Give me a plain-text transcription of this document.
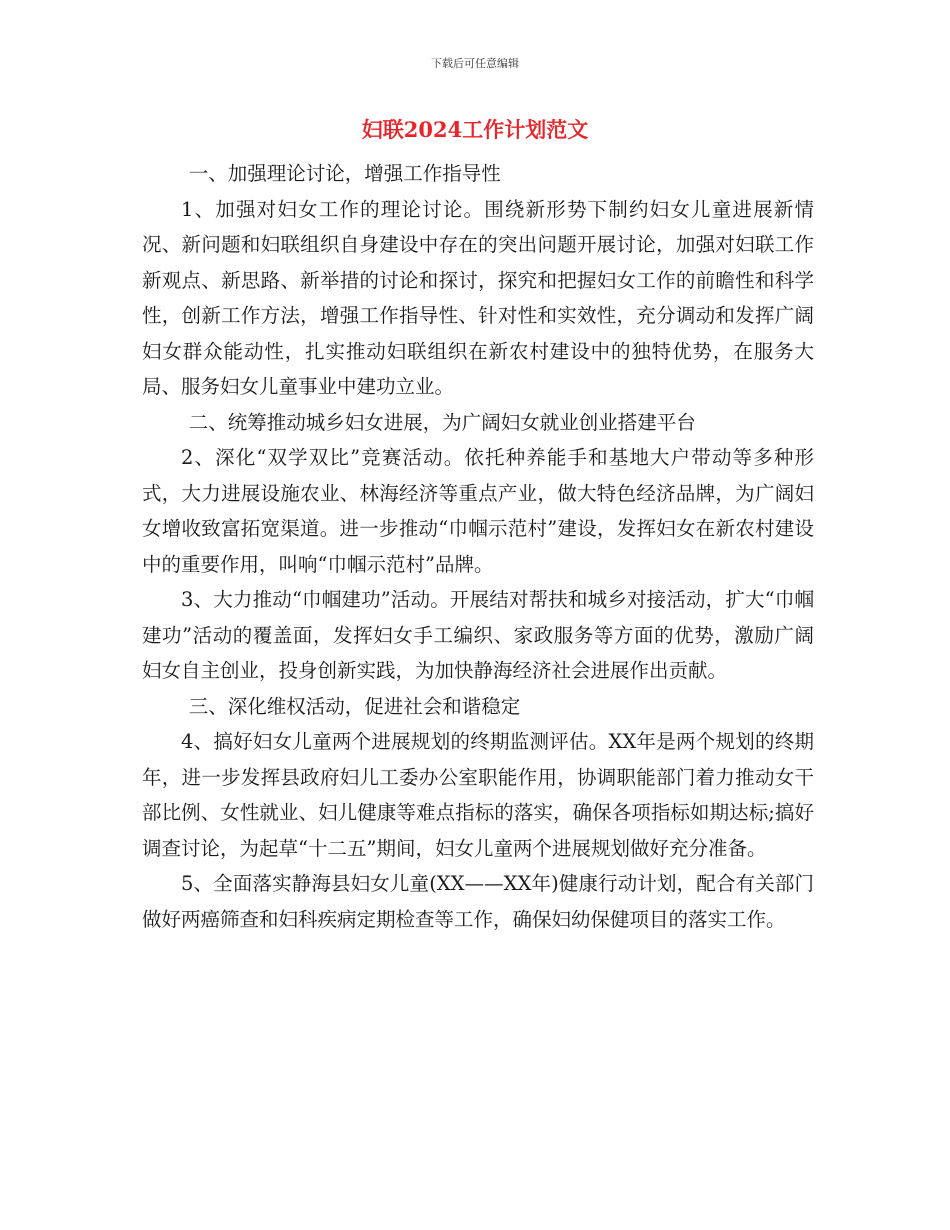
下载后可任意编辑
妇联2024工作计划范文

一、加强理论讨论，增强工作指导性

1、加强对妇女工作的理论讨论。围绕新形势下制约妇女儿童进展新情况、新问题和妇联组织自身建设中存在的突出问题开展讨论，加强对妇联工作新观点、新思路、新举措的讨论和探讨，探究和把握妇女工作的前瞻性和科学性，创新工作方法，增强工作指导性、针对性和实效性，充分调动和发挥广阔妇女群众能动性，扎实推动妇联组织在新农村建设中的独特优势，在服务大局、服务妇女儿童事业中建功立业。

二、统筹推动城乡妇女进展，为广阔妇女就业创业搭建平台

2、深化“双学双比”竞赛活动。依托种养能手和基地大户带动等多种形式，大力进展设施农业、林海经济等重点产业，做大特色经济品牌，为广阔妇女增收致富拓宽渠道。进一步推动“巾帼示范村”建设，发挥妇女在新农村建设中的重要作用，叫响“巾帼示范村”品牌。

3、大力推动“巾帼建功”活动。开展结对帮扶和城乡对接活动，扩大“巾帼建功”活动的覆盖面，发挥妇女手工编织、家政服务等方面的优势，激励广阔妇女自主创业，投身创新实践，为加快静海经济社会进展作出贡献。

三、深化维权活动，促进社会和谐稳定

4、搞好妇女儿童两个进展规划的终期监测评估。XX年是两个规划的终期年，进一步发挥县政府妇儿工委办公室职能作用，协调职能部门着力推动女干部比例、女性就业、妇儿健康等难点指标的落实，确保各项指标如期达标;搞好调查讨论，为起草“十二五”期间，妇女儿童两个进展规划做好充分准备。

5、全面落实静海县妇女儿童(XX——XX年)健康行动计划，配合有关部门做好两癌筛查和妇科疾病定期检查等工作，确保妇幼保健项目的落实工作。
